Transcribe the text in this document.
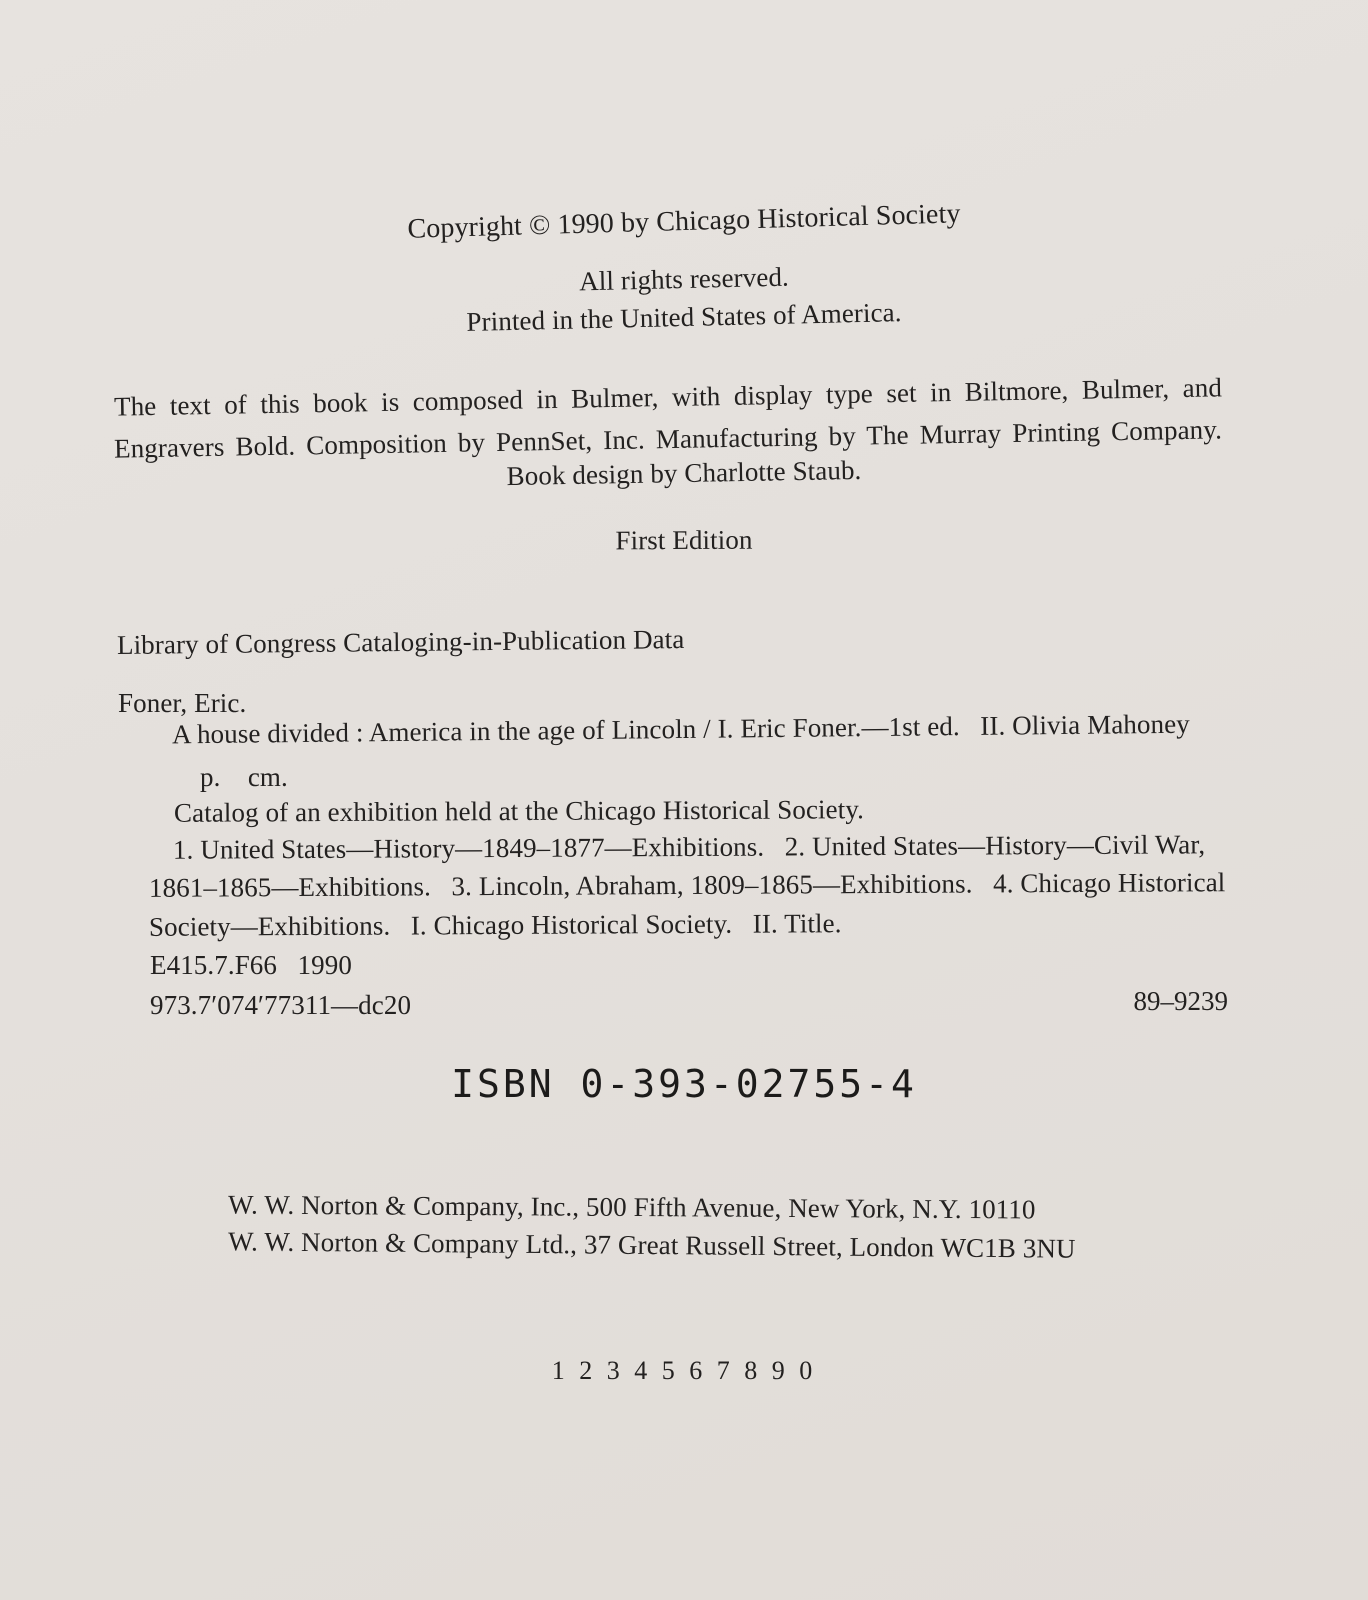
Copyright © 1990 by Chicago Historical Society
All rights reserved.
Printed in the United States of America.
The text of this book is composed in Bulmer, with display type set in Biltmore, Bulmer, and
Engravers Bold. Composition by PennSet, Inc. Manufacturing by The Murray Printing Company.
Book design by Charlotte Staub.
First Edition
Library of Congress Cataloging-in-Publication Data
Foner, Eric.
A house divided : America in the age of Lincoln / I. Eric Foner.—1st ed.   II. Olivia Mahoney
p.    cm.
Catalog of an exhibition held at the Chicago Historical Society.
1. United States—History—1849–1877—Exhibitions.   2. United States—History—Civil War,
1861–1865—Exhibitions.   3. Lincoln, Abraham, 1809–1865—Exhibitions.   4. Chicago Historical
Society—Exhibitions.   I. Chicago Historical Society.   II. Title.
E415.7.F66   1990
973.7′074′77311—dc20	89–9239
ISBN 0-393-02755-4
W. W. Norton & Company, Inc., 500 Fifth Avenue, New York, N.Y. 10110
W. W. Norton & Company Ltd., 37 Great Russell Street, London WC1B 3NU
1 2 3 4 5 6 7 8 9 0
